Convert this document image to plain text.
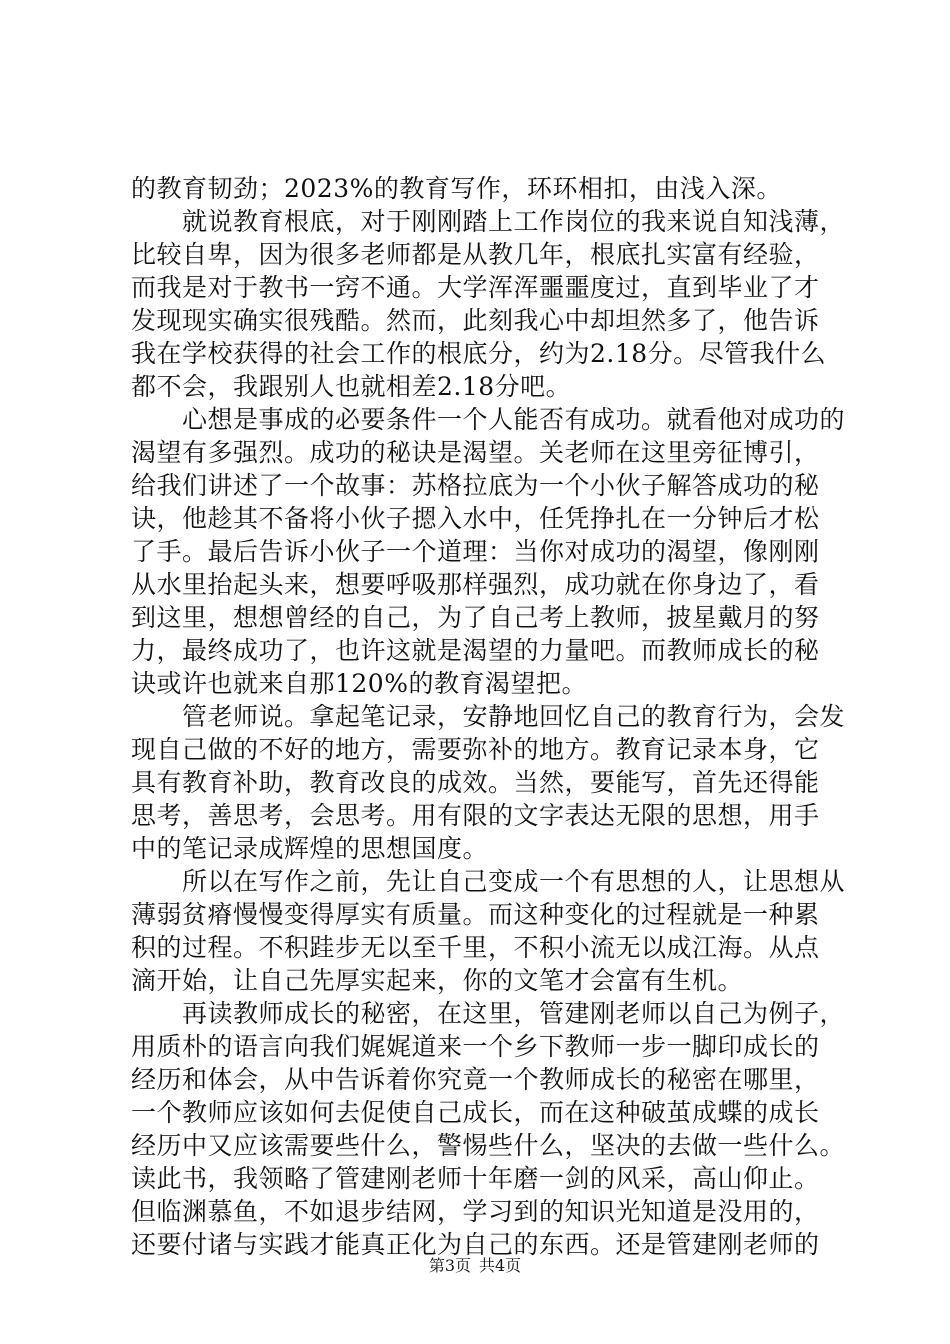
的教育韧劲；2023%的教育写作，环环相扣，由浅入深。
　　就说教育根底，对于刚刚踏上工作岗位的我来说自知浅薄，
比较自卑，因为很多老师都是从教几年，根底扎实富有经验，
而我是对于教书一窍不通。大学浑浑噩噩度过，直到毕业了才
发现现实确实很残酷。然而，此刻我心中却坦然多了，他告诉
我在学校获得的社会工作的根底分，约为2.18分。尽管我什么
都不会，我跟别人也就相差2.18分吧。
　　心想是事成的必要条件一个人能否有成功。就看他对成功的
渴望有多强烈。成功的秘诀是渴望。关老师在这里旁征博引，
给我们讲述了一个故事：苏格拉底为一个小伙子解答成功的秘
诀，他趁其不备将小伙子摁入水中，任凭挣扎在一分钟后才松
了手。最后告诉小伙子一个道理：当你对成功的渴望，像刚刚
从水里抬起头来，想要呼吸那样强烈，成功就在你身边了，看
到这里，想想曾经的自己，为了自己考上教师，披星戴月的努
力，最终成功了，也许这就是渴望的力量吧。而教师成长的秘
诀或许也就来自那120%的教育渴望把。
　　管老师说。拿起笔记录，安静地回忆自己的教育行为，会发
现自己做的不好的地方，需要弥补的地方。教育记录本身，它
具有教育补助，教育改良的成效。当然，要能写，首先还得能
思考，善思考，会思考。用有限的文字表达无限的思想，用手
中的笔记录成辉煌的思想国度。
　　所以在写作之前，先让自己变成一个有思想的人，让思想从
薄弱贫瘠慢慢变得厚实有质量。而这种变化的过程就是一种累
积的过程。不积跬步无以至千里，不积小流无以成江海。从点
滴开始，让自己先厚实起来，你的文笔才会富有生机。
　　再读教师成长的秘密，在这里，管建刚老师以自己为例子，
用质朴的语言向我们娓娓道来一个乡下教师一步一脚印成长的
经历和体会，从中告诉着你究竟一个教师成长的秘密在哪里，
一个教师应该如何去促使自己成长，而在这种破茧成蝶的成长
经历中又应该需要些什么，警惕些什么，坚决的去做一些什么。
读此书，我领略了管建刚老师十年磨一剑的风采，高山仰止。
但临渊慕鱼，不如退步结网，学习到的知识光知道是没用的，
还要付诸与实践才能真正化为自己的东西。还是管建刚老师的
第3页 共4页
